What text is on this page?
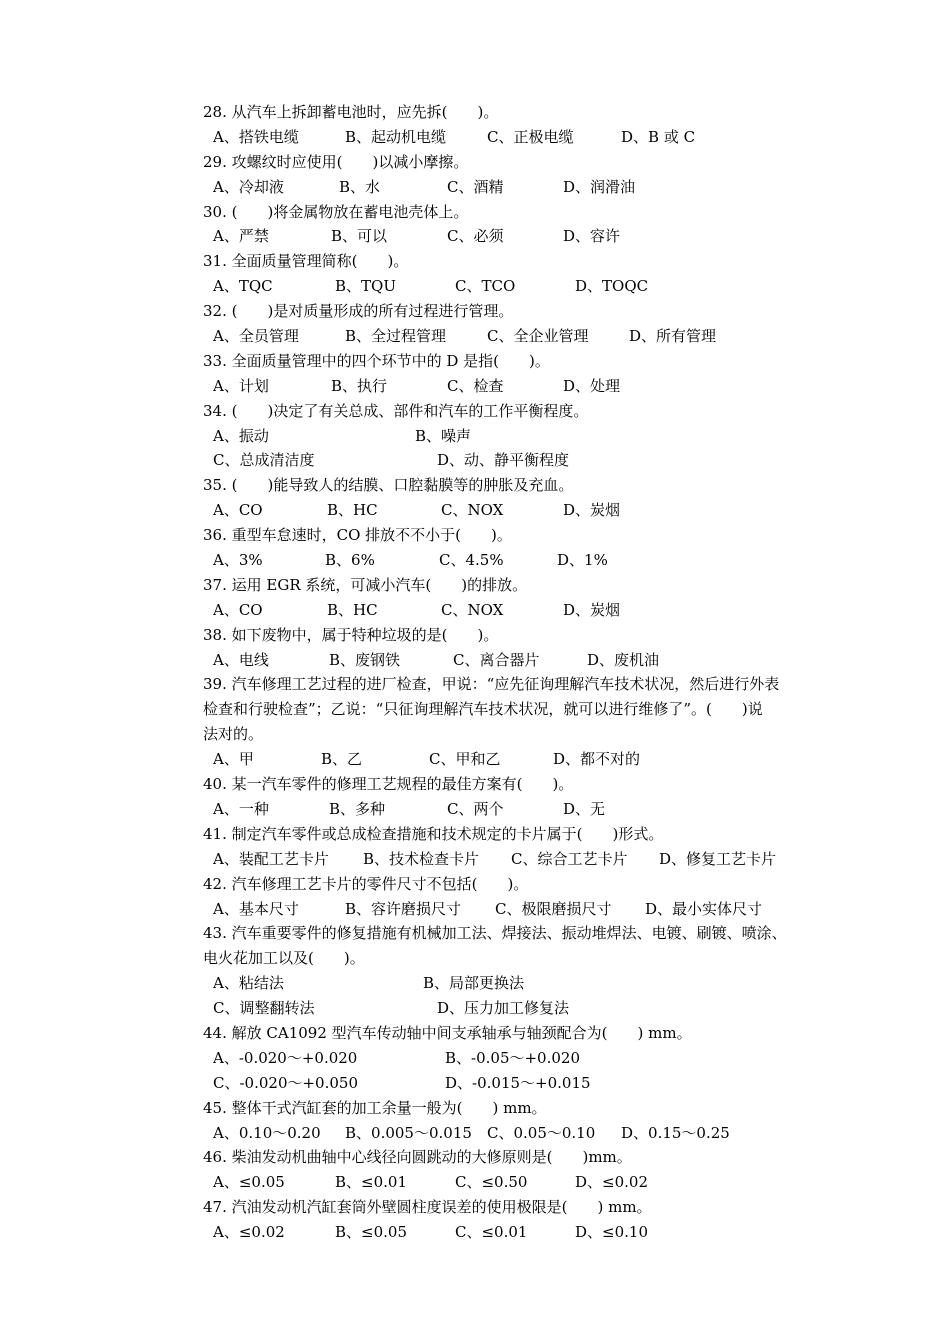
28. 从汽车上拆卸蓄电池时，应先拆(　　)。
A、搭铁电缆	B、起动机电缆	C、正极电缆	D、B 或 C
29. 攻螺纹时应使用(　　)以减小摩擦。
A、冷却液	B、水	C、酒精	D、润滑油
30. (　　)将金属物放在蓄电池壳体上。
A、严禁	B、可以	C、必须	D、容许
31. 全面质量管理简称(　　)。
A、TQC	B、TQU	C、TCO	D、TOQC
32. (　　)是对质量形成的所有过程进行管理。
A、全员管理	B、全过程管理	C、全企业管理	D、所有管理
33. 全面质量管理中的四个环节中的 D 是指(　　)。
A、计划	B、执行	C、检查	D、处理
34. (　　)决定了有关总成、部件和汽车的工作平衡程度。
A、振动	B、噪声
C、总成清洁度	D、动、静平衡程度
35. (　　)能导致人的结膜、口腔黏膜等的肿胀及充血。
A、CO	B、HC	C、NOX	D、炭烟
36. 重型车怠速时，CO 排放不不小于(　　)。
A、3%	B、6%	C、4.5%	D、1%
37. 运用 EGR 系统，可减小汽车(　　)的排放。
A、CO	B、HC	C、NOX	D、炭烟
38. 如下废物中，属于特种垃圾的是(　　)。
A、电线	B、废钢铁	C、离合器片	D、废机油
39. 汽车修理工艺过程的进厂检查，甲说：“应先征询理解汽车技术状况，然后进行外表
检查和行驶检查”；乙说：“只征询理解汽车技术状况，就可以进行维修了”。(　　)说
法对的。
A、甲	B、乙	C、甲和乙	D、都不对的
40. 某一汽车零件的修理工艺规程的最佳方案有(　　)。
A、一种	B、多种	C、两个	D、无
41. 制定汽车零件或总成检查措施和技术规定的卡片属于(　　)形式。
A、装配工艺卡片 B、技术检查卡片 C、综合工艺卡片 D、修复工艺卡片
42. 汽车修理工艺卡片的零件尺寸不包括(　　)。
A、基本尺寸	B、容许磨损尺寸 C、极限磨损尺寸 D、最小实体尺寸
43. 汽车重要零件的修复措施有机械加工法、焊接法、振动堆焊法、电镀、刷镀、喷涂、
电火花加工以及(　　)。
A、粘结法	B、局部更换法
C、调整翻转法	D、压力加工修复法
44. 解放 CA1092 型汽车传动轴中间支承轴承与轴颈配合为(　　) mm。
A、-0.020～+0.020	B、-0.05～+0.020
C、-0.020～+0.050	D、-0.015～+0.015
45. 整体干式汽缸套的加工余量一般为(　　) mm。
A、0.10～0.20 B、0.005～0.015 C、0.05～0.10 D、0.15～0.25
46. 柴油发动机曲轴中心线径向圆跳动的大修原则是(　　)mm。
A、≤0.05	B、≤0.01	C、≤0.50	D、≤0.02
47. 汽油发动机汽缸套筒外壁圆柱度误差的使用极限是(　　) mm。
A、≤0.02	B、≤0.05	C、≤0.01	D、≤0.10
